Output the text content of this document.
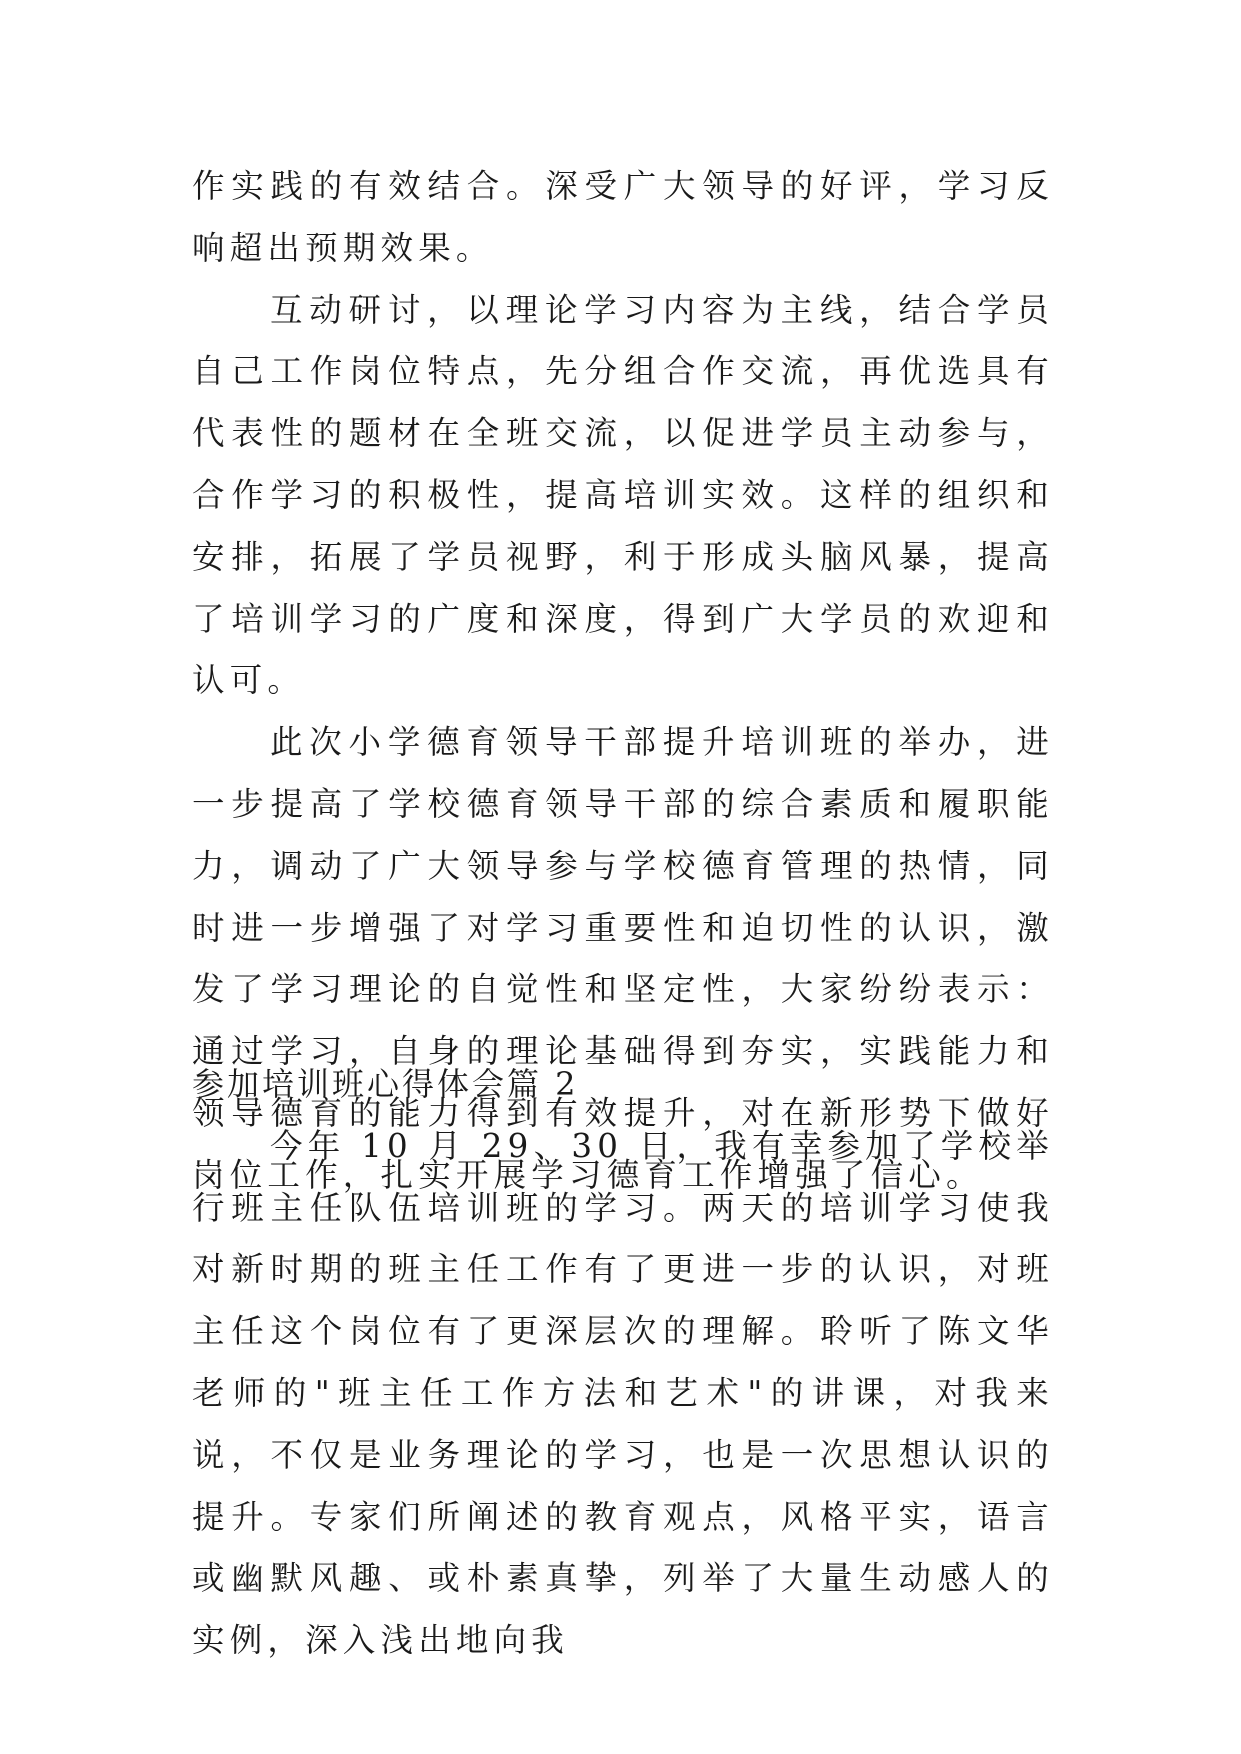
作实践的有效结合。深受广大领导的好评，学习反响超出预期效果。

互动研讨，以理论学习内容为主线，结合学员自己工作岗位特点，先分组合作交流，再优选具有代表性的题材在全班交流，以促进学员主动参与，合作学习的积极性，提高培训实效。这样的组织和安排，拓展了学员视野，利于形成头脑风暴，提高了培训学习的广度和深度，得到广大学员的欢迎和认可。

此次小学德育领导干部提升培训班的举办，进一步提高了学校德育领导干部的综合素质和履职能力，调动了广大领导参与学校德育管理的热情，同时进一步增强了对学习重要性和迫切性的认识，激发了学习理论的自觉性和坚定性，大家纷纷表示：通过学习，自身的理论基础得到夯实，实践能力和领导德育的能力得到有效提升，对在新形势下做好岗位工作，扎实开展学习德育工作增强了信心。

参加培训班心得体会篇 2

今年 10 月 29、30 日，我有幸参加了学校举行班主任队伍培训班的学习。两天的培训学习使我对新时期的班主任工作有了更进一步的认识，对班主任这个岗位有了更深层次的理解。聆听了陈文华老师的"班主任工作方法和艺术"的讲课，对我来说，不仅是业务理论的学习，也是一次思想认识的提升。专家们所阐述的教育观点，风格平实，语言或幽默风趣、或朴素真挚，列举了大量生动感人的实例，深入浅出地向我
